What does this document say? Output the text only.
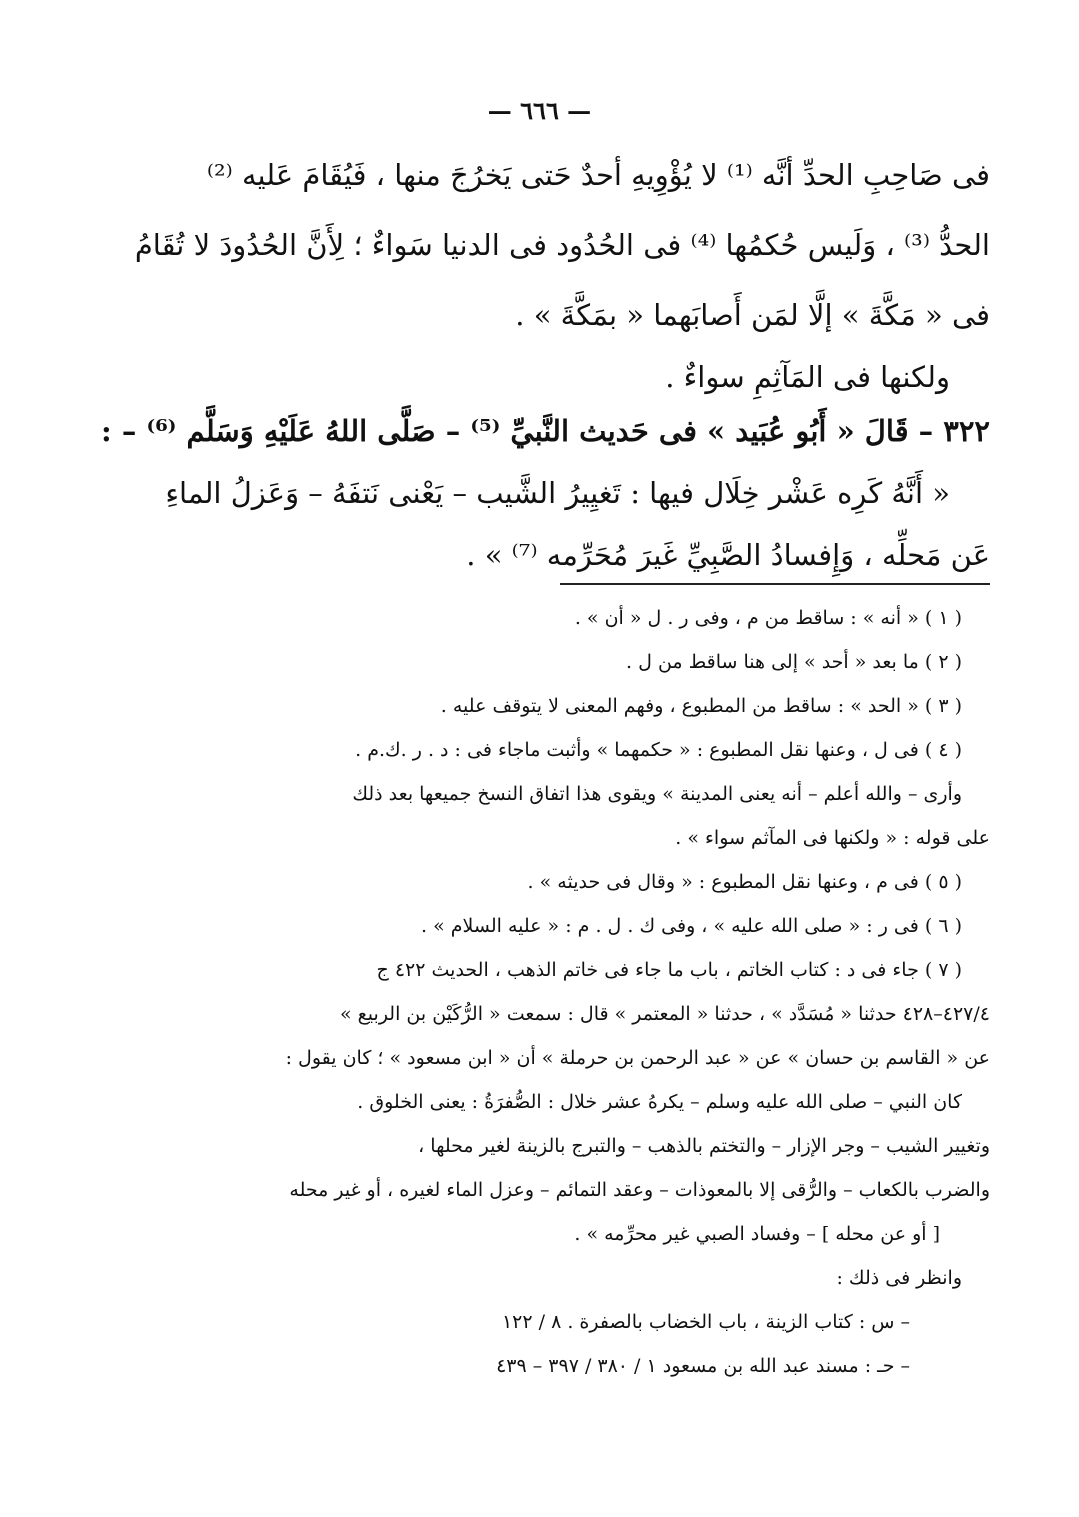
— ٦٦٦ —
فى صَاحِبِ الحدِّ أنَّه ⁽¹⁾ لا يُؤْوِيهِ أحدٌ حَتى يَخرُجَ منها ، فَيُقَامَ عَليه ⁽²⁾
الحدُّ ⁽³⁾ ، وَلَيس حُكمُها ⁽⁴⁾ فى الحُدُود فى الدنيا سَواءٌ ؛ لِأَنَّ الحُدُودَ لا تُقَامُ
فى « مَكَّةَ » إلَّا لمَن أَصابَهما « بمَكَّةَ » .
ولكنها فى المَآثِمِ سواءٌ .
٣٢٢ – قَالَ « أَبُو عُبَيد » فى حَديث النَّبيِّ ⁽⁵⁾ – صَلَّى اللهُ عَلَيْهِ وَسَلَّم ⁽⁶⁾ – :
« أَنَّهُ كَرِه عَشْر خِلَال فيها : تَغيِيرُ الشَّيب – يَعْنى نَتفَهُ – وَعَزلُ الماءِ
عَن مَحلِّه ، وَإِفسادُ الصَّبِيِّ غَيرَ مُحَرِّمه ⁽⁷⁾ » .
( ١ ) « أنه » : ساقط من م ، وفى ر . ل « أن » .
( ٢ ) ما بعد « أحد » إلى هنا ساقط من ل .
( ٣ ) « الحد » : ساقط من المطبوع ، وفهم المعنى لا يتوقف عليه .
( ٤ ) فى ل ، وعنها نقل المطبوع : « حكمهما » وأثبت ماجاء فى : د . ر .ك.م .
وأرى – والله أعلم – أنه يعنى المدينة » ويقوى هذا اتفاق النسخ جميعها بعد ذلك
على قوله : « ولكنها فى المآثم سواء » .
( ٥ ) فى م ، وعنها نقل المطبوع : « وقال فى حديثه » .
( ٦ ) فى ر : « صلى الله عليه » ، وفى ك . ل . م : « عليه السلام » .
( ٧ ) جاء فى د : كتاب الخاتم ، باب ما جاء فى خاتم الذهب ، الحديث ٤٢٢ ج
٤٢٧/٤–٤٢٨ حدثنا « مُسَدَّد » ، حدثنا « المعتمر » قال : سمعت « الرُّكَيْن بن الربيع »
عن « القاسم بن حسان » عن « عبد الرحمن بن حرملة » أن « ابن مسعود » ؛ كان يقول :
كان النبي – صلى الله عليه وسلم – يكرهُ عشر خلال : الصُّفرَةُ : يعنى الخلوق .
وتغيير الشيب – وجر الإزار – والتختم بالذهب – والتبرج بالزينة لغير محلها ،
والضرب بالكعاب – والرُّقى إلا بالمعوذات – وعقد التمائم – وعزل الماء لغيره ، أو غير محله
[ أو عن محله ] – وفساد الصبي غير محرِّمه » .
وانظر فى ذلك :
– س : كتاب الزينة ، باب الخضاب بالصفرة . ٨ / ١٢٢
– حـ : مسند عبد الله بن مسعود ١ / ٣٨٠ / ٣٩٧ – ٤٣٩
